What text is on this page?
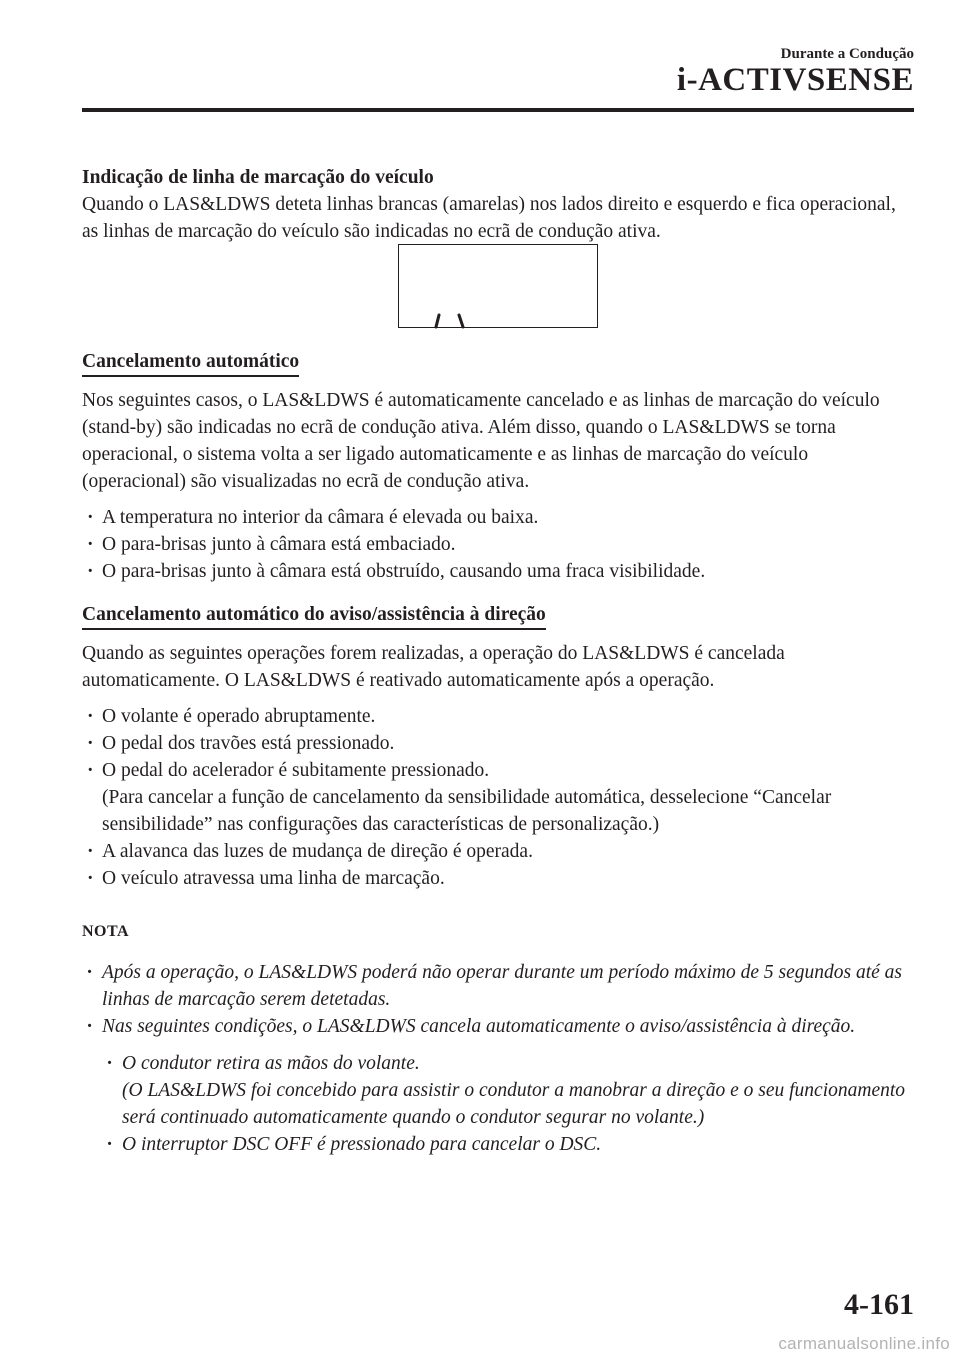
Durante a Condução
i-ACTIVSENSE

Indicação de linha de marcação do veículo

Quando o LAS&LDWS deteta linhas brancas (amarelas) nos lados direito e esquerdo e fica operacional, as linhas de marcação do veículo são indicadas no ecrã de condução ativa.

Cancelamento automático

Nos seguintes casos, o LAS&LDWS é automaticamente cancelado e as linhas de marcação do veículo (stand-by) são indicadas no ecrã de condução ativa. Além disso, quando o LAS&LDWS se torna operacional, o sistema volta a ser ligado automaticamente e as linhas de marcação do veículo (operacional) são visualizadas no ecrã de condução ativa.

· A temperatura no interior da câmara é elevada ou baixa.
· O para-brisas junto à câmara está embaciado.
· O para-brisas junto à câmara está obstruído, causando uma fraca visibilidade.
Cancelamento automático do aviso/assistência à direção

Quando as seguintes operações forem realizadas, a operação do LAS&LDWS é cancelada automaticamente. O LAS&LDWS é reativado automaticamente após a operação.

· O volante é operado abruptamente.
· O pedal dos travões está pressionado.
· O pedal do acelerador é subitamente pressionado.
(Para cancelar a função de cancelamento da sensibilidade automática, desselecione “Cancelar sensibilidade” nas configurações das características de personalização.)
· A alavanca das luzes de mudança de direção é operada.
· O veículo atravessa uma linha de marcação.

NOTA

· Após a operação, o LAS&LDWS poderá não operar durante um período máximo de 5 segundos até as linhas de marcação serem detetadas.
· Nas seguintes condições, o LAS&LDWS cancela automaticamente o aviso/assistência à direção.
· O condutor retira as mãos do volante.
(O LAS&LDWS foi concebido para assistir o condutor a manobrar a direção e o seu funcionamento será continuado automaticamente quando o condutor segurar no volante.)
· O interruptor DSC OFF é pressionado para cancelar o DSC.
4-161
carmanualsonline.info
